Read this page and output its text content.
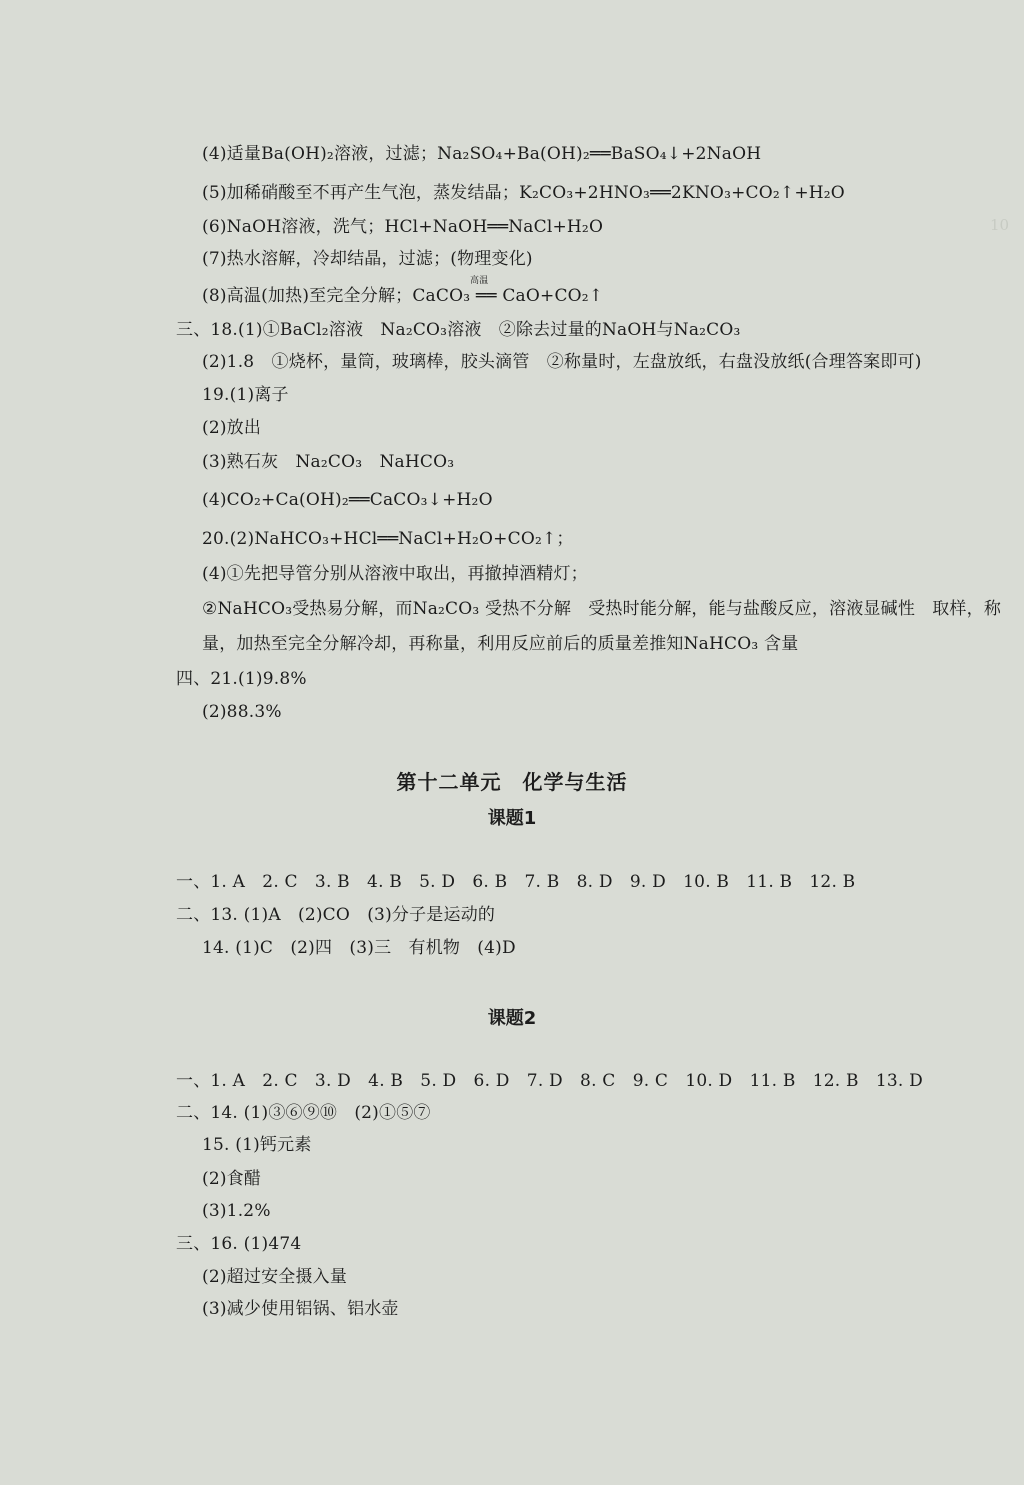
10
(4)适量Ba(OH)₂溶液，过滤；Na₂SO₄+Ba(OH)₂══BaSO₄↓+2NaOH
(5)加稀硝酸至不再产生气泡，蒸发结晶；K₂CO₃+2HNO₃══2KNO₃+CO₂↑+H₂O
(6)NaOH溶液，洗气；HCl+NaOH══NaCl+H₂O
(7)热水溶解，冷却结晶，过滤；(物理变化)
(8)高温(加热)至完全分解；CaCO₃ ══ CaO+CO₂↑
高温
三、18.(1)①BaCl₂溶液　Na₂CO₃溶液　②除去过量的NaOH与Na₂CO₃
(2)1.8　①烧杯，量筒，玻璃棒，胶头滴管　②称量时，左盘放纸，右盘没放纸(合理答案即可)
19.(1)离子
(2)放出
(3)熟石灰　Na₂CO₃　NaHCO₃
(4)CO₂+Ca(OH)₂══CaCO₃↓+H₂O
20.(2)NaHCO₃+HCl══NaCl+H₂O+CO₂↑；
(4)①先把导管分别从溶液中取出，再撤掉酒精灯；
②NaHCO₃受热易分解，而Na₂CO₃ 受热不分解　受热时能分解，能与盐酸反应，溶液显碱性　取样，称
量，加热至完全分解冷却，再称量，利用反应前后的质量差推知NaHCO₃ 含量
四、21.(1)9.8%
(2)88.3%
第十二单元　化学与生活
课题1
一、1. A　2. C　3. B　4. B　5. D　6. B　7. B　8. D　9. D　10. B　11. B　12. B
二、13. (1)A　(2)CO　(3)分子是运动的
14. (1)C　(2)四　(3)三　有机物　(4)D
课题2
一、1. A　2. C　3. D　4. B　5. D　6. D　7. D　8. C　9. C　10. D　11. B　12. B　13. D
二、14. (1)③⑥⑨⑩　(2)①⑤⑦
15. (1)钙元素
(2)食醋
(3)1.2%
三、16. (1)474
(2)超过安全摄入量
(3)减少使用铝锅、铝水壶
